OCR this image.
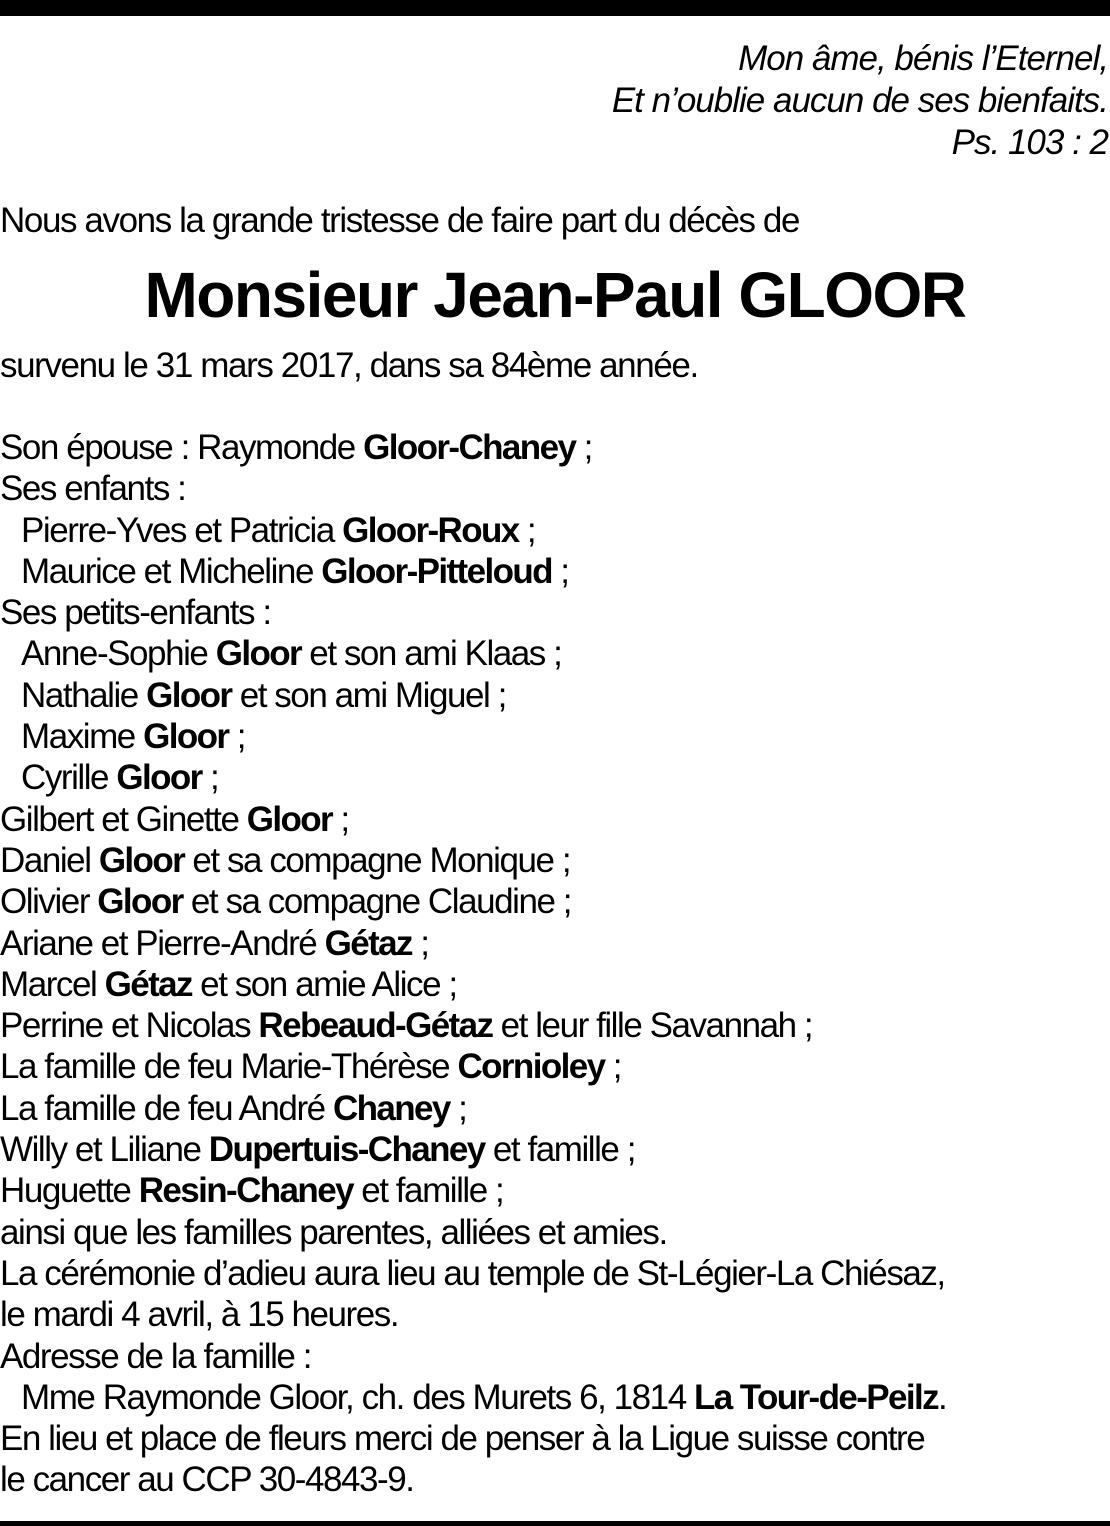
Mon âme, bénis l’Eternel,
Et n’oublie aucun de ses bienfaits.
Ps. 103 : 2
Nous avons la grande tristesse de faire part du décès de
Monsieur Jean-Paul GLOOR
survenu le 31 mars 2017, dans sa 84ème année.
Son épouse : Raymonde Gloor-Chaney ;
Ses enfants :
Pierre-Yves et Patricia Gloor-Roux ;
Maurice et Micheline Gloor-Pitteloud ;
Ses petits-enfants :
Anne-Sophie Gloor et son ami Klaas ;
Nathalie Gloor et son ami Miguel ;
Maxime Gloor ;
Cyrille Gloor ;
Gilbert et Ginette Gloor ;
Daniel Gloor et sa compagne Monique ;
Olivier Gloor et sa compagne Claudine ;
Ariane et Pierre-André Gétaz ;
Marcel Gétaz et son amie Alice ;
Perrine et Nicolas Rebeaud-Gétaz et leur fille Savannah ;
La famille de feu Marie-Thérèse Cornioley ;
La famille de feu André Chaney ;
Willy et Liliane Dupertuis-Chaney et famille ;
Huguette Resin-Chaney et famille ;
ainsi que les familles parentes, alliées et amies.
La cérémonie d’adieu aura lieu au temple de St-Légier-La Chiésaz,
le mardi 4 avril, à 15 heures.
Adresse de la famille :
Mme Raymonde Gloor, ch. des Murets 6, 1814 La Tour-de-Peilz.
En lieu et place de fleurs merci de penser à la Ligue suisse contre
le cancer au CCP 30-4843-9.
